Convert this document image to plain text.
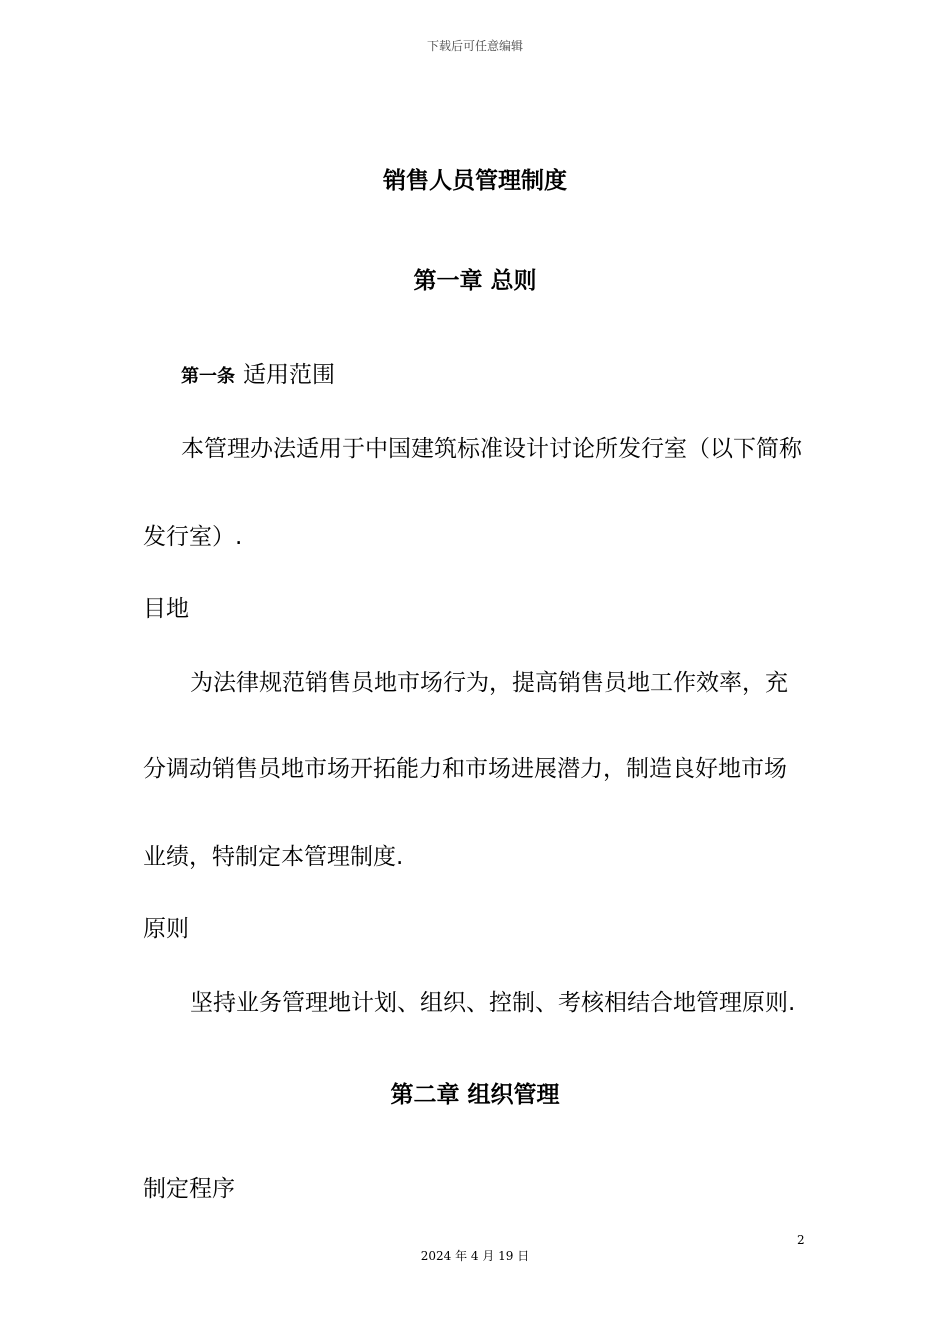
下载后可任意编辑
销售人员管理制度
第一章 总则
第一条 适用范围
本管理办法适用于中国建筑标准设计讨论所发行室（以下简称
发行室）.
目地
为法律规范销售员地市场行为，提高销售员地工作效率，充
分调动销售员地市场开拓能力和市场进展潜力，制造良好地市场
业绩，特制定本管理制度.
原则
坚持业务管理地计划、组织、控制、考核相结合地管理原则.
第二章 组织管理
制定程序
2
2024 年 4 月 19 日
